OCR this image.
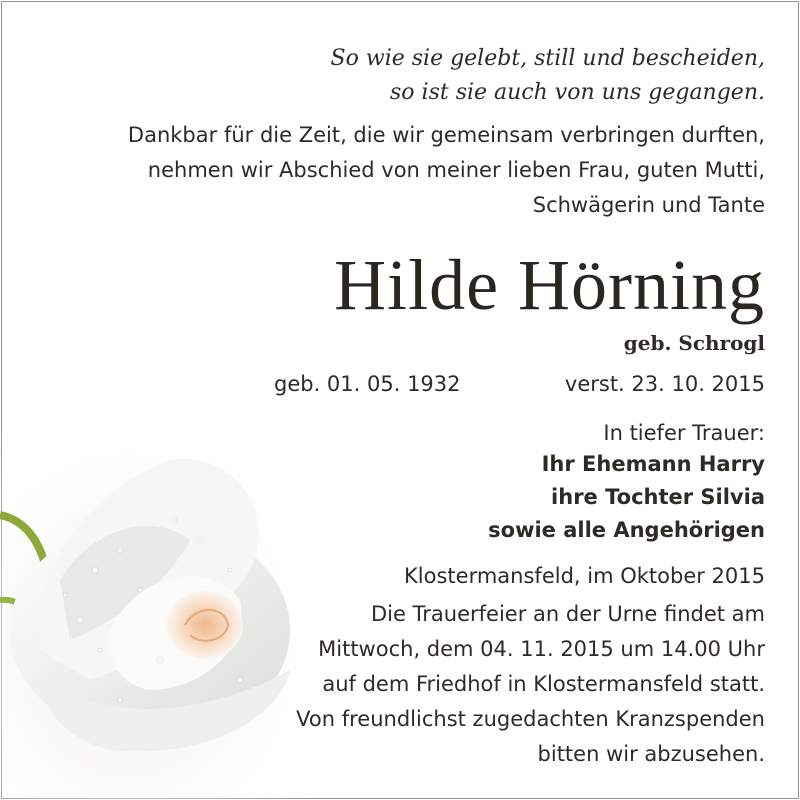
So wie sie gelebt, still und bescheiden,
so ist sie auch von uns gegangen.
Dankbar für die Zeit, die wir gemeinsam verbringen durften,
nehmen wir Abschied von meiner lieben Frau, guten Mutti,
Schwägerin und Tante
Hilde Hörning
geb. Schrogl
geb. 01. 05. 1932	verst. 23. 10. 2015
In tiefer Trauer:
Ihr Ehemann Harry
ihre Tochter Silvia
sowie alle Angehörigen
Klostermansfeld, im Oktober 2015
Die Trauerfeier an der Urne findet am
Mittwoch, dem 04. 11. 2015 um 14.00 Uhr
auf dem Friedhof in Klostermansfeld statt.
Von freundlichst zugedachten Kranzspenden
bitten wir abzusehen.
